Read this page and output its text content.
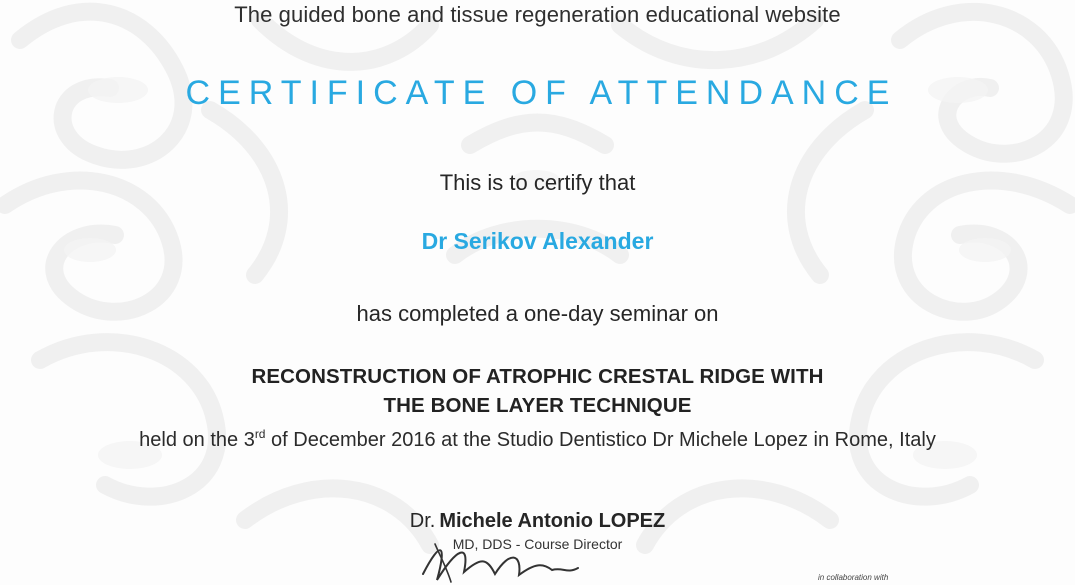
The guided bone and tissue regeneration educational website
CERTIFICATE OF ATTENDANCE
This is to certify that
Dr Serikov Alexander
has completed a one-day seminar on
RECONSTRUCTION OF ATROPHIC CRESTAL RIDGE WITH
THE BONE LAYER TECHNIQUE
held on the 3rd of December 2016 at the Studio Dentistico Dr Michele Lopez in Rome, Italy
Dr. Michele Antonio LOPEZ
MD, DDS - Course Director
in collaboration with
